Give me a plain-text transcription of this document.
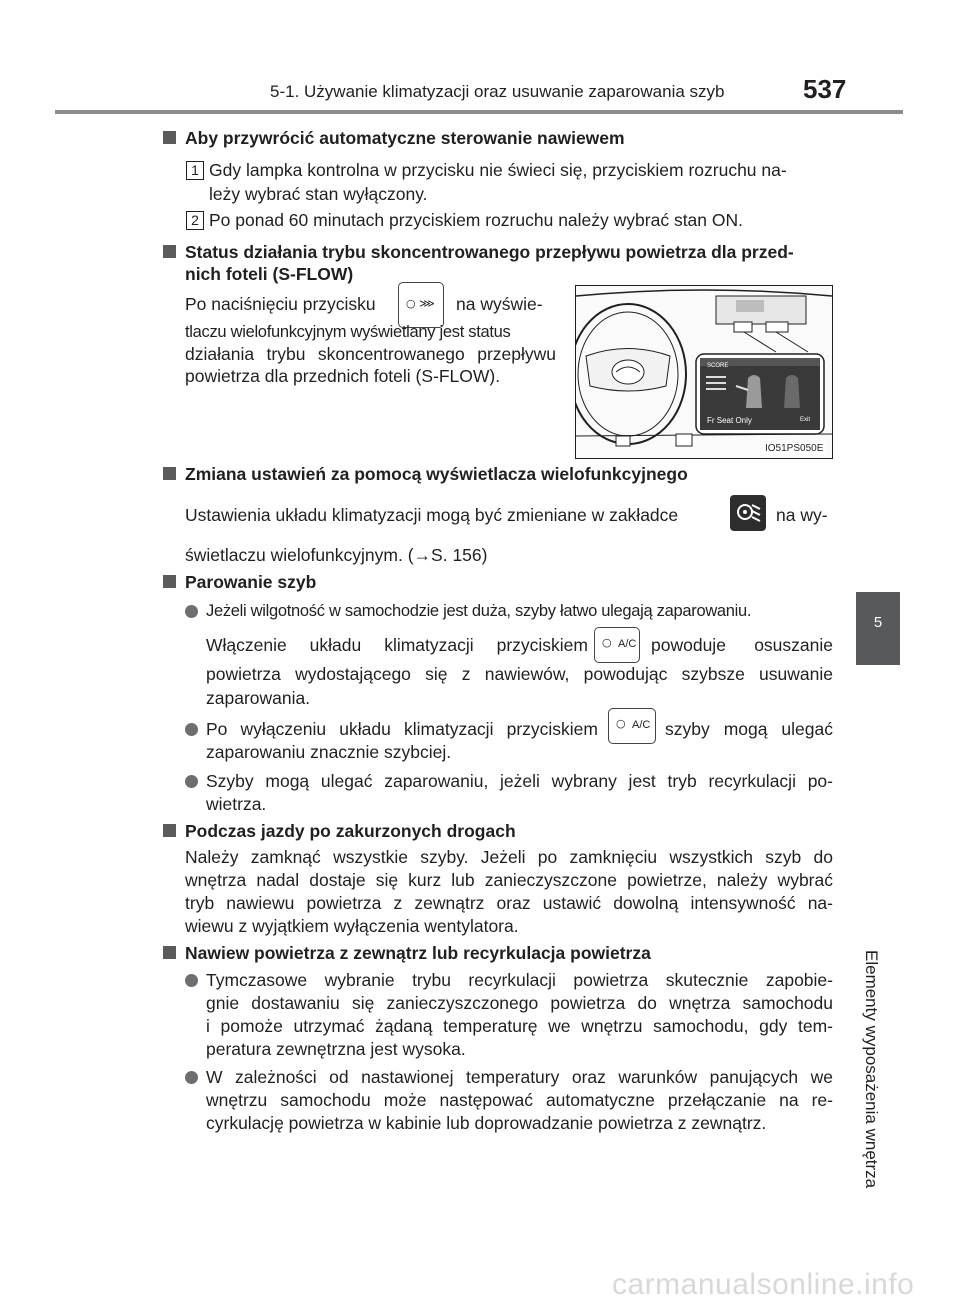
5-1. Używanie klimatyzacji oraz usuwanie zaparowania szyb	537
5
Elementy wyposażenia wnętrza
Aby przywrócić automatyczne sterowanie nawiewem
1 Gdy lampka kontrolna w przycisku nie świeci się, przyciskiem rozruchu na-
leży wybrać stan wyłączony.
2 Po ponad 60 minutach przyciskiem rozruchu należy wybrać stan ON.
Status działania trybu skoncentrowanego przepływu powietrza dla przed-
nich foteli (S-FLOW)
Po naciśnięciu przycisku	○ ⋙ na wyświe-
tlaczu wielofunkcyjnym wyświetlany jest status
działania trybu skoncentrowanego przepływu
powietrza dla przednich foteli (S-FLOW).	SCORE
Fr Seat Only	Exit
IO51PS050E
Zmiana ustawień za pomocą wyświetlacza wielofunkcyjnego
Ustawienia układu klimatyzacji mogą być zmieniane w zakładce	na wy-
świetlaczu wielofunkcyjnym. (→S. 156)
Parowanie szyb
Jeżeli wilgotność w samochodzie jest duża, szyby łatwo ulegają zaparowaniu.
Włączenie układu klimatyzacji przyciskiem ○ A/C powoduje osuszanie
powietrza wydostającego się z nawiewów, powodując szybsze usuwanie
zaparowania.
Po wyłączeniu układu klimatyzacji przyciskiem ○ A/C szyby mogą ulegać
zaparowaniu znacznie szybciej.
Szyby mogą ulegać zaparowaniu, jeżeli wybrany jest tryb recyrkulacji po-
wietrza.
Podczas jazdy po zakurzonych drogach
Należy zamknąć wszystkie szyby. Jeżeli po zamknięciu wszystkich szyb do
wnętrza nadal dostaje się kurz lub zanieczyszczone powietrze, należy wybrać
tryb nawiewu powietrza z zewnątrz oraz ustawić dowolną intensywność na-
wiewu z wyjątkiem wyłączenia wentylatora.
Nawiew powietrza z zewnątrz lub recyrkulacja powietrza
Tymczasowe wybranie trybu recyrkulacji powietrza skutecznie zapobie-
gnie dostawaniu się zanieczyszczonego powietrza do wnętrza samochodu
i pomoże utrzymać żądaną temperaturę we wnętrzu samochodu, gdy tem-
peratura zewnętrzna jest wysoka.
W zależności od nastawionej temperatury oraz warunków panujących we
wnętrzu samochodu może następować automatyczne przełączanie na re-
cyrkulację powietrza w kabinie lub doprowadzanie powietrza z zewnątrz.
carmanualsonline.info
